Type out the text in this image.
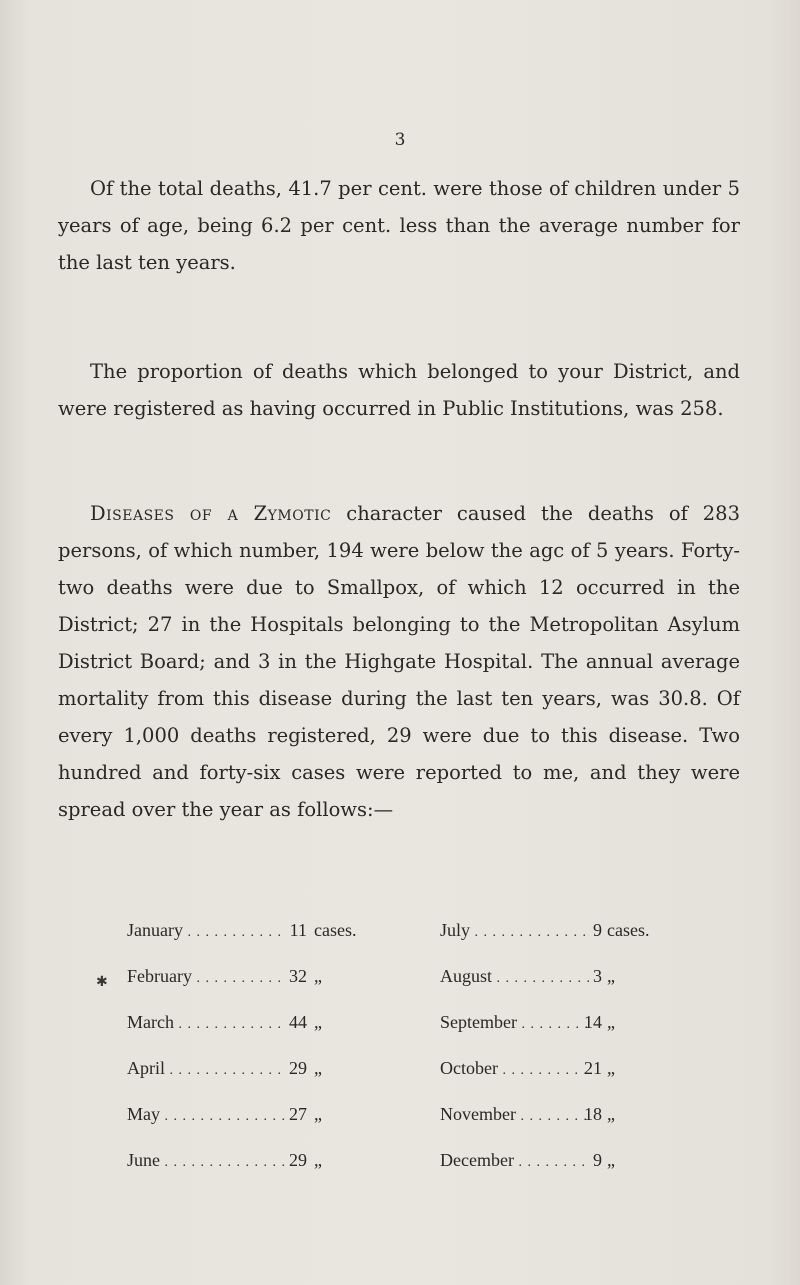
3

Of the total deaths, 41.7 per cent. were those of children under 5 years of age, being 6.2 per cent. less than the average number for the last ten years.

The proportion of deaths which belonged to your District, and were registered as having occurred in Public Institutions, was 258.

Diseases of a Zymotic character caused the deaths of 283 persons, of which number, 194 were below the agc of 5 years. Forty-two deaths were due to Smallpox, of which 12 occurred in the District; 27 in the Hospitals belonging to the Metropolitan Asylum District Board; and 3 in the Highgate Hospital. The annual average mortality from this disease during the last ten years, was 30.8. Of every 1,000 deaths registered, 29 were due to this disease. Two hundred and forty-six cases were reported to me, and they were spread over the year as follows:—

✱
January . . .	11 cases.	July . . .	9 cases.
February . . .	32 „	August . . .	3 „
March . . .	44 „	September . . .	14 „
April . . .	29 „	October . . .	21 „
May . . .	27 „	November . . .	18 „
June . . .	29 „	December . . .	9 „
